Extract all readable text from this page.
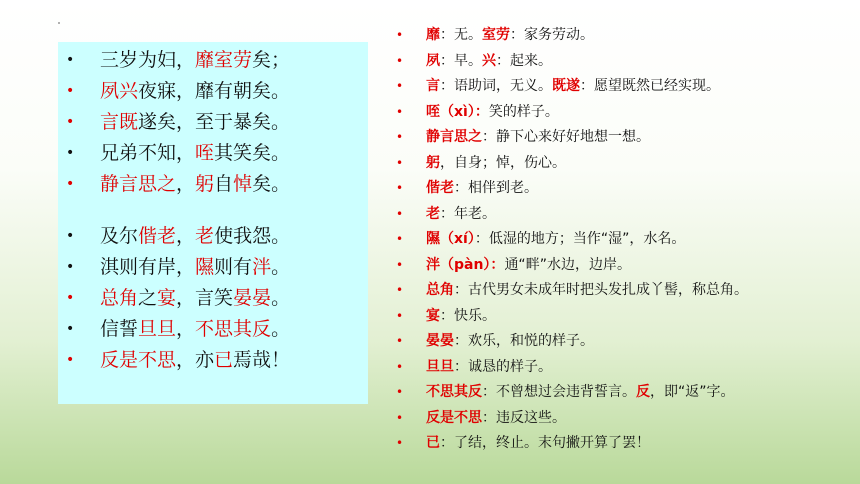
• 三岁为妇，靡室劳矣；
• 夙兴夜寐，靡有朝矣。
• 言既遂矣，至于暴矣。
• 兄弟不知，咥其笑矣。
• 静言思之，躬自悼矣。
• 及尔偕老，老使我怨。
• 淇则有岸，隰则有泮。
• 总角之宴，言笑晏晏。
• 信誓旦旦，不思其反。
• 反是不思，亦已焉哉！
• 靡：无。室劳：家务劳动。
• 夙：早。兴：起来。
• 言：语助词，无义。既遂：愿望既然已经实现。
• 咥（xì）：笑的样子。
• 静言思之：静下心来好好地想一想。
• 躬，自身；悼，伤心。
• 偕老：相伴到老。
• 老：年老。
• 隰（xí）：低湿的地方；当作“湿”，水名。
• 泮（pàn）：通“畔”水边，边岸。
• 总角：古代男女未成年时把头发扎成丫髻，称总角。
• 宴：快乐。
• 晏晏：欢乐，和悦的样子。
• 旦旦：诚恳的样子。
• 不思其反：不曾想过会违背誓言。反，即“返”字。
• 反是不思：违反这些。
• 已：了结，终止。末句撇开算了罢！
